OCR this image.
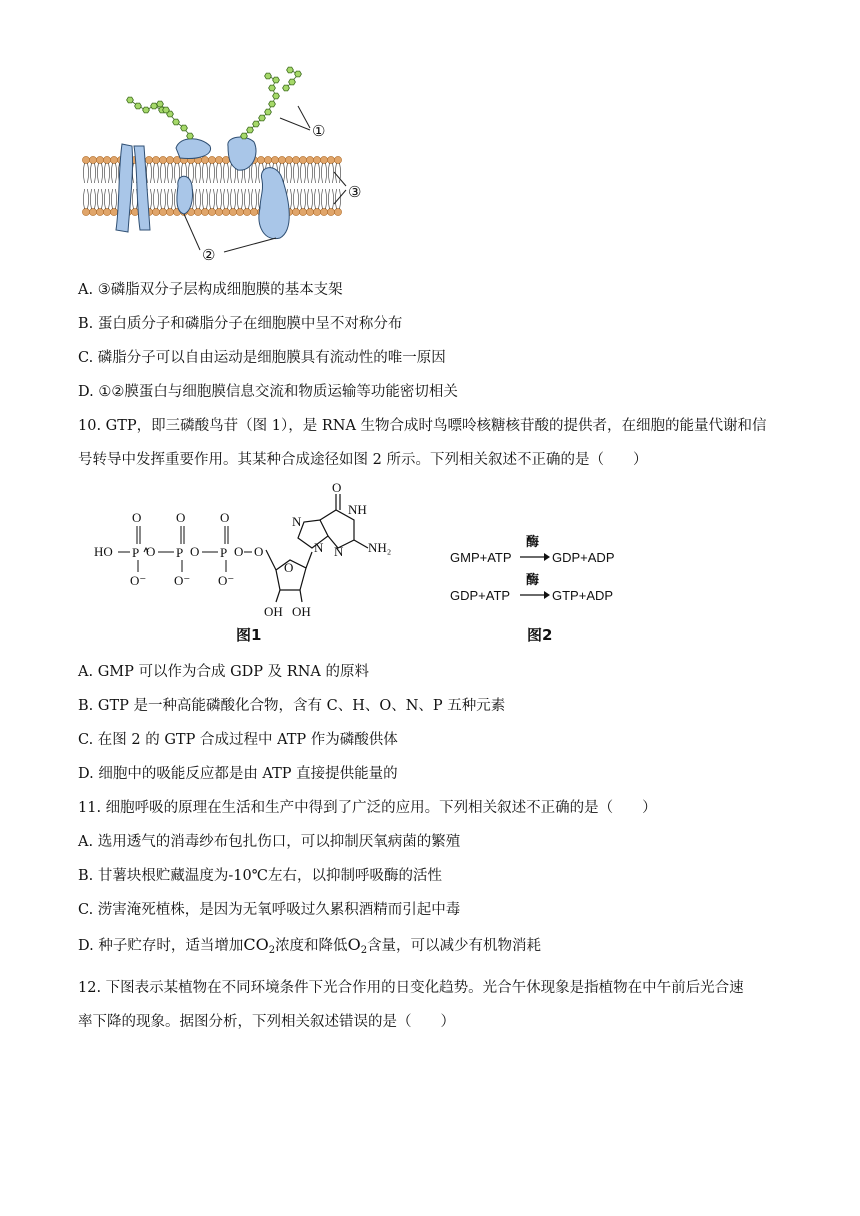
①
③
②
A. ③磷脂双分子层构成细胞膜的基本支架
B. 蛋白质分子和磷脂分子在细胞膜中呈不对称分布
C. 磷脂分子可以自由运动是细胞膜具有流动性的唯一原因
D. ①②膜蛋白与细胞膜信息交流和物质运输等功能密切相关
10. GTP，即三磷酸鸟苷（图 1），是 RNA 生物合成时鸟嘌呤核糖核苷酸的提供者，在细胞的能量代谢和信
号转导中发挥重要作用。其某种合成途径如图 2 所示。下列相关叙述不正确的是（　　）
HO P
O
O⁻
O P
O
O⁻
O P
O
O⁻
O O
O
OH OH
N
N
O
NH
N NH₂
图1
GMP+ATP
酶
GDP+ADP
GDP+ATP
酶
GTP+ADP
图2
A. GMP 可以作为合成 GDP 及 RNA 的原料
B. GTP 是一种高能磷酸化合物，含有 C、H、O、N、P 五种元素
C. 在图 2 的 GTP 合成过程中 ATP 作为磷酸供体
D. 细胞中的吸能反应都是由 ATP 直接提供能量的
11. 细胞呼吸的原理在生活和生产中得到了广泛的应用。下列相关叙述不正确的是（　　）
A. 选用透气的消毒纱布包扎伤口，可以抑制厌氧病菌的繁殖
B. 甘薯块根贮藏温度为-10℃左右，以抑制呼吸酶的活性
C. 涝害淹死植株，是因为无氧呼吸过久累积酒精而引起中毒
D. 种子贮存时，适当增加$CO_2$浓度和降低$O_2$含量，可以减少有机物消耗
12. 下图表示某植物在不同环境条件下光合作用的日变化趋势。光合午休现象是指植物在中午前后光合速
率下降的现象。据图分析，下列相关叙述错误的是（　　）
